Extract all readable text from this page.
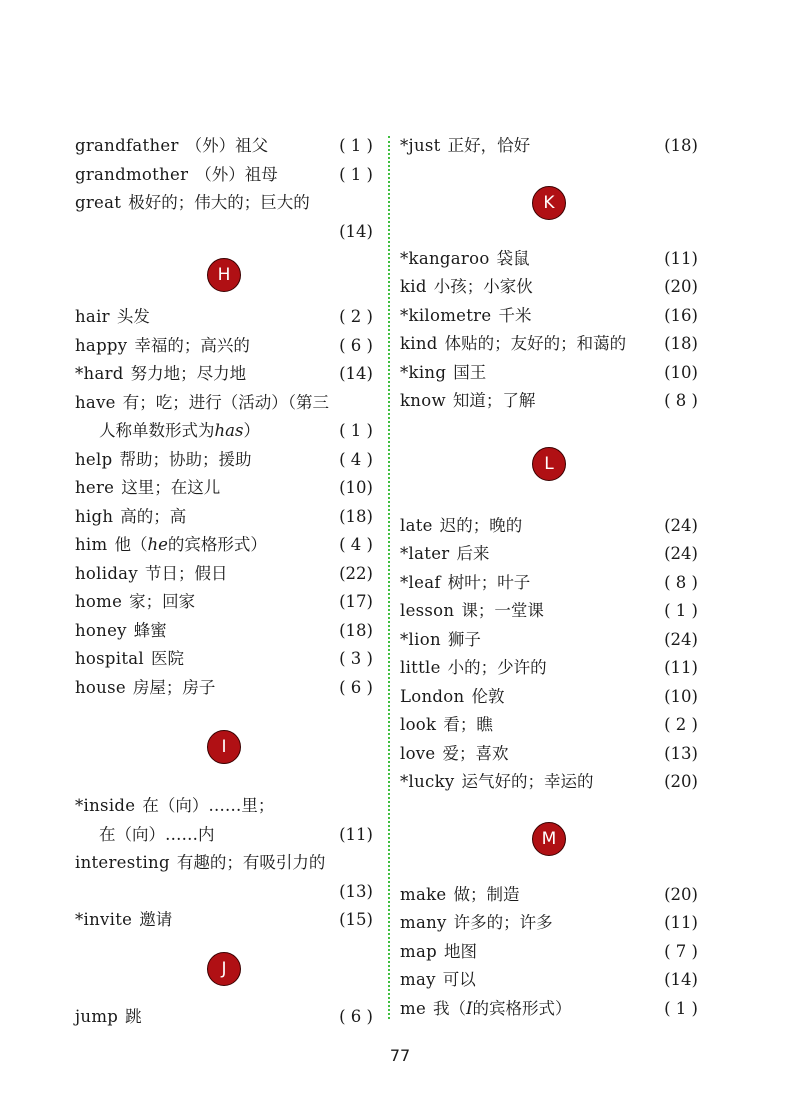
grandfather （外）祖父	( 1 )
grandmother （外）祖母	( 1 )
great 极好的；伟大的；巨大的
(14)
H
hair 头发	( 2 )
happy 幸福的；高兴的	( 6 )
*hard 努力地；尽力地	(14)
have 有；吃；进行（活动）（第三
人称单数形式为has）	( 1 )
help 帮助；协助；援助	( 4 )
here 这里；在这儿	(10)
high 高的；高	(18)
him 他（he的宾格形式）	( 4 )
holiday 节日；假日	(22)
home 家；回家	(17)
honey 蜂蜜	(18)
hospital 医院	( 3 )
house 房屋；房子	( 6 )
I
*inside 在（向）……里；
在（向）……内	(11)
interesting 有趣的；有吸引力的
(13)
*invite 邀请	(15)
J
jump 跳	( 6 )
*just 正好，恰好	(18)
K
*kangaroo 袋鼠	(11)
kid 小孩；小家伙	(20)
*kilometre 千米	(16)
kind 体贴的；友好的；和蔼的 (18)
*king 国王	(10)
know 知道；了解	( 8 )
L
late 迟的；晚的	(24)
*later 后来	(24)
*leaf 树叶；叶子	( 8 )
lesson 课；一堂课	( 1 )
*lion 狮子	(24)
little 小的；少许的	(11)
London 伦敦	(10)
look 看；瞧	( 2 )
love 爱；喜欢	(13)
*lucky 运气好的；幸运的	(20)
M
make 做；制造	(20)
many 许多的；许多	(11)
map 地图	( 7 )
may 可以	(14)
me 我（I的宾格形式）	( 1 )
77
